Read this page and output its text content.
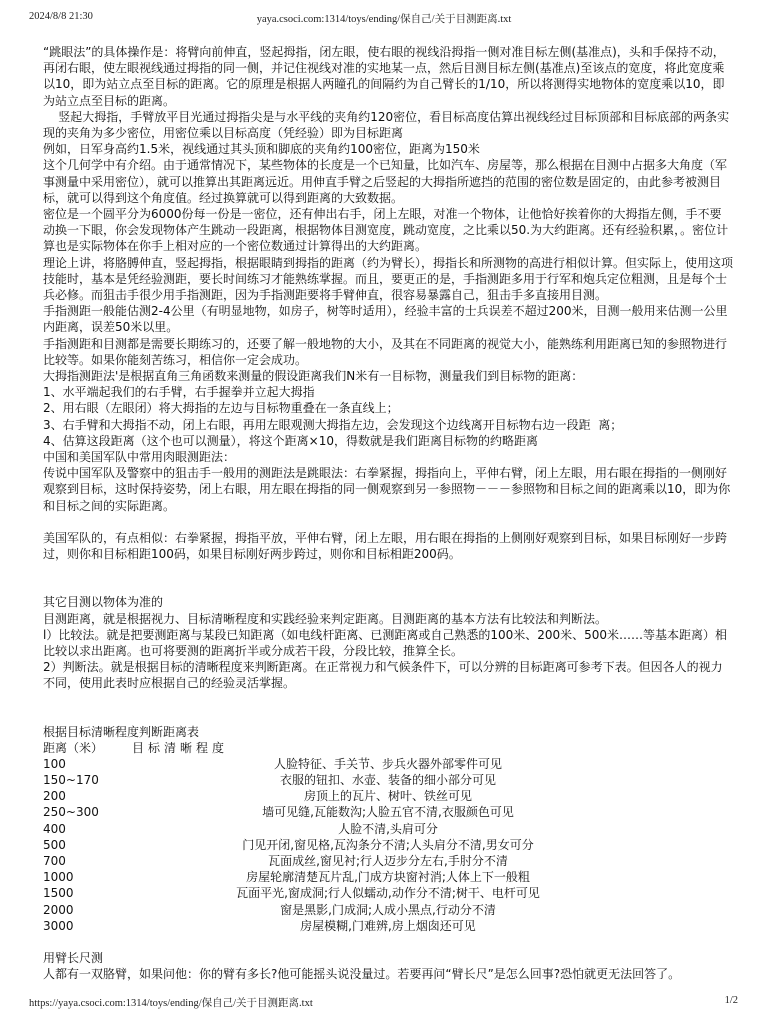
2024/8/8 21:30	yaya.csoci.com:1314/toys/ending/保自己/关于目测距离.txt

“跳眼法”的具体操作是：将臂向前伸直，竖起拇指，闭左眼，使右眼的视线沿拇指一侧对准目标左侧(基准点)，头和手保持不动，再闭右眼，使左眼视线通过拇指的同一侧，并记住视线对准的实地某一点，然后目测目标左侧(基准点)至该点的宽度，将此宽度乘以10，即为站立点至目标的距离。它的原理是根据人两瞳孔的间隔约为自己臂长的1/10，所以将测得实地物体的宽度乘以10，即为站立点至目标的距离。

竖起大拇指，手臂放平目光通过拇指尖是与水平线的夹角约120密位，看目标高度估算出视线经过目标顶部和目标底部的两条实现的夹角为多少密位，用密位乘以目标高度（凭经验）即为目标距离

例如，日军身高约1.5米，视线通过其头顶和脚底的夹角约100密位，距离为150米

这个几何学中有介绍。由于通常情况下，某些物体的长度是一个已知量，比如汽车、房屋等，那么根据在目测中占据多大角度（军事测量中采用密位），就可以推算出其距离远近。用伸直手臂之后竖起的大拇指所遮挡的范围的密位数是固定的，由此参考被测目标，就可以得到这个角度值。经过换算就可以得到距离的大致数据。

密位是一个圆平分为6000份每一份是一密位，还有伸出右手，闭上左眼，对准一个物体，让他恰好挨着你的大拇指左侧，手不要动换一下眼，你会发现物体产生跳动一段距离，根据物体目测宽度，跳动宽度，之比乘以50.为大约距离。还有经验积累，。密位计算也是实际物体在你手上相对应的一个密位数通过计算得出的大约距离。

理论上讲，将胳膊伸直，竖起拇指，根据眼睛到拇指的距离（约为臂长），拇指长和所测物的高进行相似计算。但实际上，使用这项技能时，基本是凭经验测距，要长时间练习才能熟练掌握。而且，要更正的是，手指测距多用于行军和炮兵定位粗测，且是每个士兵必修。而狙击手很少用手指测距，因为手指测距要将手臂伸直，很容易暴露自己，狙击手多直接用目测。

手指测距一般能估测2-4公里（有明显地物，如房子，树等时适用），经验丰富的士兵误差不超过200米，目测一般用来估测一公里内距离，误差50米以里。

手指测距和目测都是需要长期练习的，还要了解一般地物的大小，及其在不同距离的视觉大小，能熟练利用距离已知的参照物进行比较等。如果你能刻苦练习，相信你一定会成功。

大拇指测距法'是根据直角三角函数来测量的假设距离我们N米有一目标物，测量我们到目标物的距离：

1、水平端起我们的右手臂，右手握拳并立起大拇指

2、用右眼（左眼闭）将大拇指的左边与目标物重叠在一条直线上；

3、右手臂和大拇指不动，闭上右眼，再用左眼观测大拇指左边，会发现这个边线离开目标物右边一段距  离；

4、估算这段距离（这个也可以测量），将这个距离×10，得数就是我们距离目标物的约略距离

中国和美国军队中常用肉眼测距法：

传说中国军队及警察中的狙击手一般用的测距法是跳眼法：右拳紧握，拇指向上，平伸右臂，闭上左眼，用右眼在拇指的一侧刚好观察到目标，这时保持姿势，闭上右眼，用左眼在拇指的同一侧观察到另一参照物－－－参照物和目标之间的距离乘以10，即为你和目标之间的实际距离。

美国军队的，有点相似：右拳紧握，拇指平放，平伸右臂，闭上左眼，用右眼在拇指的上侧刚好观察到目标，如果目标刚好一步跨过，则你和目标相距100码，如果目标刚好两步跨过，则你和目标相距200码。

其它目测以物体为准的

目测距离，就是根据视力、目标清晰程度和实践经验来判定距离。目测距离的基本方法有比较法和判断法。

l）比较法。就是把要测距离与某段已知距离（如电线杆距离、已测距离或自己熟悉的100米、200米、500米……等基本距离）相比较以求出距离。也可将要测的距离折半或分成若干段，分段比较，推算全长。

2）判断法。就是根据目标的清晰程度来判断距离。在正常视力和气候条件下，可以分辨的目标距离可参考下表。但因各人的视力不同，使用此表时应根据自己的经验灵活掌握。

根据目标清晰程度判断距离表

距离（米） 目标清晰程度
人脸特征、手关节、步兵火器外部零件可见
100
衣服的钮扣、水壶、装备的细小部分可见
150~170
房顶上的瓦片、树叶、铁丝可见
200
墙可见缝,瓦能数沟;人脸五官不清,衣服颜色可见
250~300
人脸不清,头肩可分
400
门见开闭,窗见格,瓦沟条分不清;人头肩分不清,男女可分
500
瓦面成丝,窗见衬;行人迈步分左右,手肘分不清
700
房屋轮廓清楚瓦片乱,门成方块窗衬消;人体上下一般粗
1000
瓦面平光,窗成洞;行人似蠕动,动作分不清;树干、电杆可见
1500
窗是黑影,门成洞;人成小黑点,行动分不清
2000
房屋模糊,门难辨,房上烟囱还可见
3000

用臂长尺测

人都有一双胳臂，如果问他：你的臂有多长?他可能摇头说没量过。若要再问“臂长尺”是怎么回事?恐怕就更无法回答了。

https://yaya.csoci.com:1314/toys/ending/保自己/关于目测距离.txt	1/2
